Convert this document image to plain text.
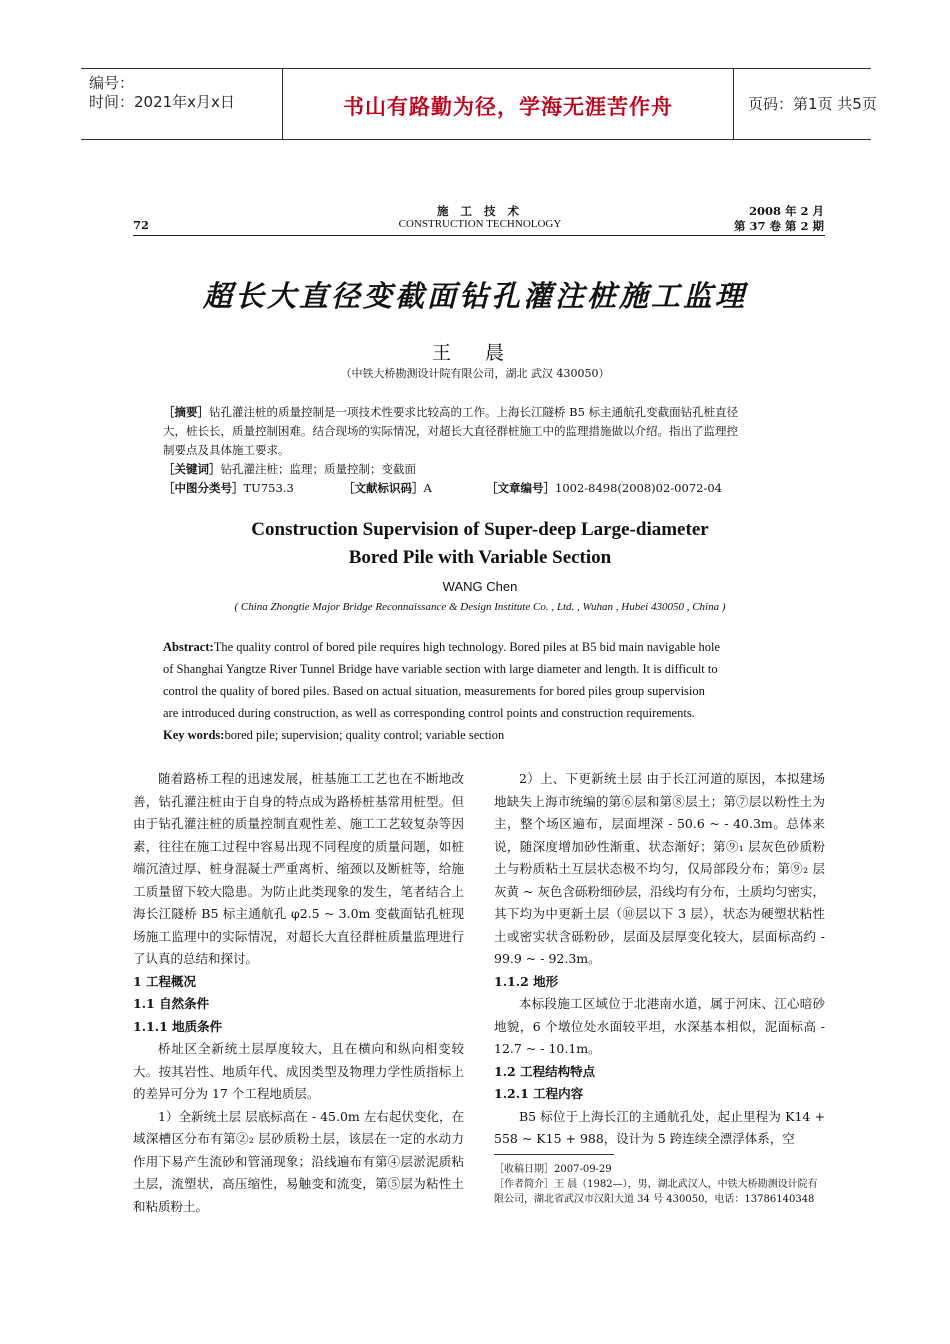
编号：
时间：2021年x月x日	书山有路勤为径，学海无涯苦作舟	页码：第1页 共5页
72
施 工 技 术
CONSTRUCTION TECHNOLOGY
2008 年 2 月
第 37 卷 第 2 期
超长大直径变截面钻孔灌注桩施工监理
王 晨
（中铁大桥勘测设计院有限公司，湖北 武汉 430050）
［摘要］钻孔灌注桩的质量控制是一项技术性要求比较高的工作。上海长江隧桥 B5 标主通航孔变截面钻孔桩直径
大，桩长长，质量控制困难。结合现场的实际情况，对超长大直径群桩施工中的监理措施做以介绍。指出了监理控
制要点及具体施工要求。
［关键词］钻孔灌注桩；监理；质量控制；变截面
［中图分类号］TU753.3	［文献标识码］A	［文章编号］1002-8498(2008)02-0072-04
Construction Supervision of Super-deep Large-diameter
Bored Pile with Variable Section
WANG Chen
( China Zhongtie Major Bridge Reconnaissance & Design Institute Co. , Ltd. , Wuhan , Hubei 430050 , China )
Abstract:The quality control of bored pile requires high technology. Bored piles at B5 bid main navigable hole
of Shanghai Yangtze River Tunnel Bridge have variable section with large diameter and length. It is difficult to
control the quality of bored piles. Based on actual situation, measurements for bored piles group supervision
are introduced during construction, as well as corresponding control points and construction requirements.
Key words:bored pile; supervision; quality control; variable section

随着路桥工程的迅速发展，桩基施工工艺也在不断地改善，钻孔灌注桩由于自身的特点成为路桥桩基常用桩型。但由于钻孔灌注桩的质量控制直观性差、施工工艺较复杂等因素，往往在施工过程中容易出现不同程度的质量问题，如桩端沉渣过厚、桩身混凝土严重离析、缩颈以及断桩等，给施工质量留下较大隐患。为防止此类现象的发生，笔者结合上海长江隧桥 B5 标主通航孔 φ2.5 ~ 3.0m 变截面钻孔桩现场施工监理中的实际情况，对超长大直径群桩质量监理进行了认真的总结和探讨。

1 工程概况

1.1 自然条件

1.1.1 地质条件

桥址区全新统土层厚度较大，且在横向和纵向相变较大。按其岩性、地质年代、成因类型及物理力学性质指标上的差异可分为 17 个工程地质层。

1）全新统土层 层底标高在 - 45.0m 左右起伏变化，在域深槽区分布有第②₂ 层砂质粉土层，该层在一定的水动力作用下易产生流砂和管涌现象；沿线遍布有第④层淤泥质粘土层，流塑状，高压缩性，易触变和流变，第⑤层为粘性土和粘质粉土。

2）上、下更新统土层 由于长江河道的原因，本拟建场地缺失上海市统编的第⑥层和第⑧层土；第⑦层以粉性土为主，整个场区遍布，层面埋深 - 50.6 ~ - 40.3m。总体来说，随深度增加砂性渐重、状态渐好；第⑨₁ 层灰色砂质粉土与粉质粘土互层状态极不均匀，仅局部段分布；第⑨₂ 层灰黄 ~ 灰色含砾粉细砂层，沿线均有分布，土质均匀密实，其下均为中更新土层（⑩层以下 3 层），状态为硬塑状粘性土或密实状含砾粉砂，层面及层厚变化较大，层面标高约 - 99.9 ~ - 92.3m。

1.1.2 地形

本标段施工区域位于北港南水道，属于河床、江心暗砂地貌，6 个墩位处水面较平坦，水深基本相似，泥面标高 - 12.7 ~ - 10.1m。

1.2 工程结构特点

1.2.1 工程内容

B5 标位于上海长江的主通航孔处，起止里程为 K14 + 558 ~ K15 + 988，设计为 5 跨连续全漂浮体系，空

［收稿日期］2007-09-29
［作者简介］王 晨（1982—），男，湖北武汉人，中铁大桥勘测设计院有限公司，湖北省武汉市汉阳大道 34 号 430050，电话：13786140348
